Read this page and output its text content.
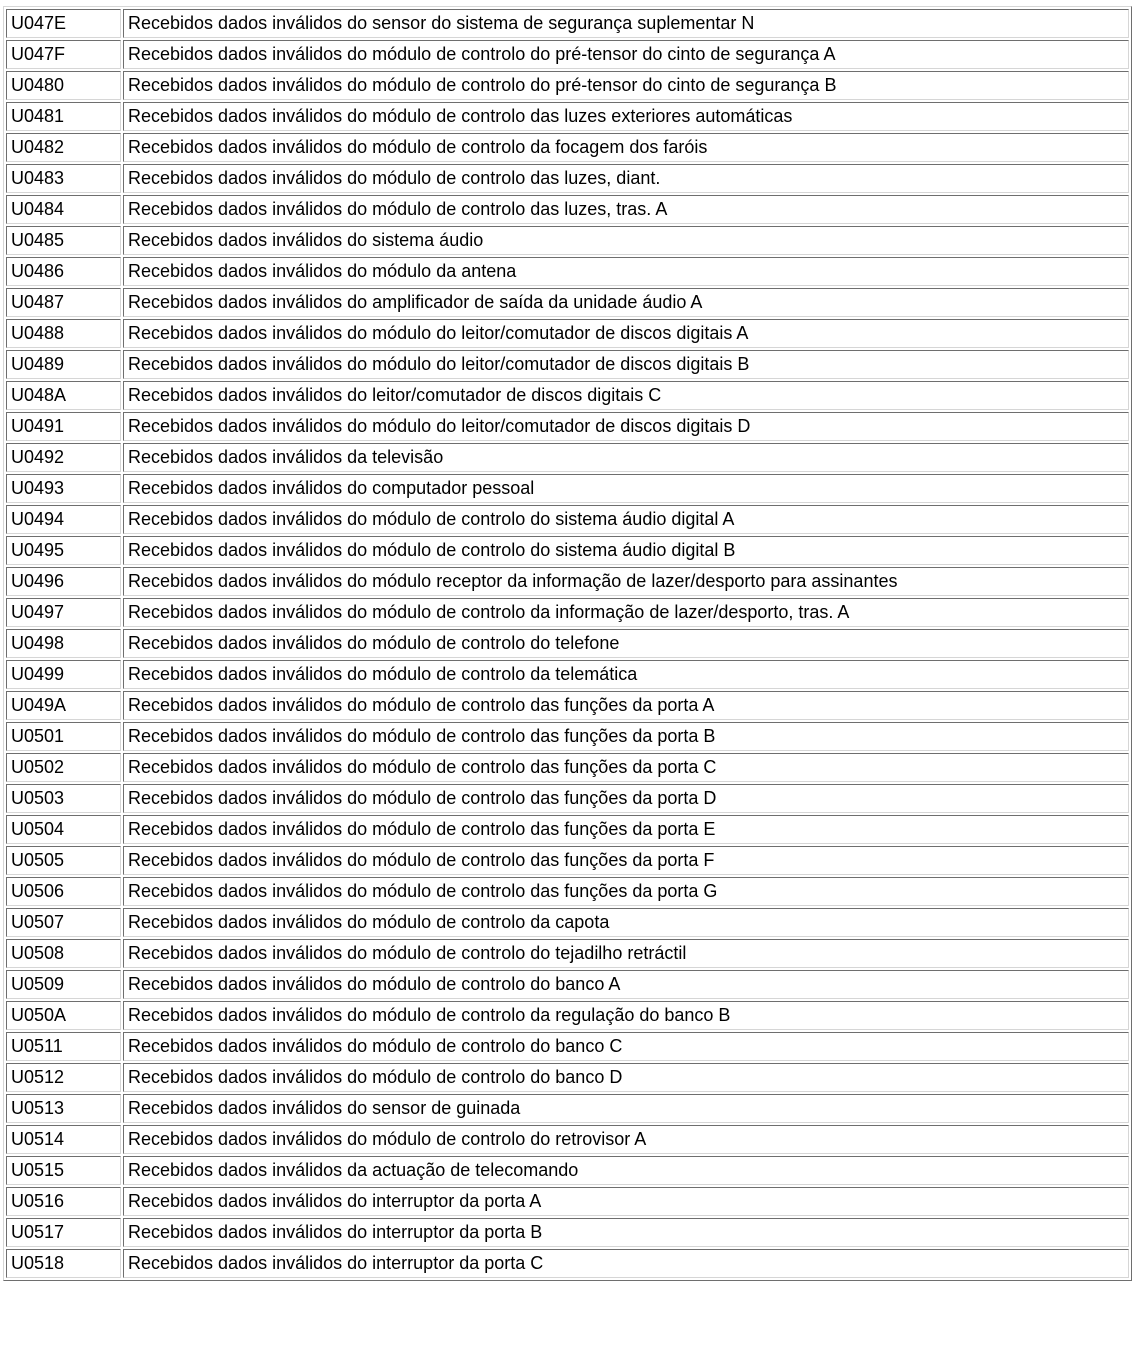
U047E	Recebidos dados inválidos do sensor do sistema de segurança suplementar N
U047F	Recebidos dados inválidos do módulo de controlo do pré-tensor do cinto de segurança A
U0480	Recebidos dados inválidos do módulo de controlo do pré-tensor do cinto de segurança B
U0481	Recebidos dados inválidos do módulo de controlo das luzes exteriores automáticas
U0482	Recebidos dados inválidos do módulo de controlo da focagem dos faróis
U0483	Recebidos dados inválidos do módulo de controlo das luzes, diant.
U0484	Recebidos dados inválidos do módulo de controlo das luzes, tras. A
U0485	Recebidos dados inválidos do sistema áudio
U0486	Recebidos dados inválidos do módulo da antena
U0487	Recebidos dados inválidos do amplificador de saída da unidade áudio A
U0488	Recebidos dados inválidos do módulo do leitor/comutador de discos digitais A
U0489	Recebidos dados inválidos do módulo do leitor/comutador de discos digitais B
U048A	Recebidos dados inválidos do leitor/comutador de discos digitais C
U0491	Recebidos dados inválidos do módulo do leitor/comutador de discos digitais D
U0492	Recebidos dados inválidos da televisão
U0493	Recebidos dados inválidos do computador pessoal
U0494	Recebidos dados inválidos do módulo de controlo do sistema áudio digital A
U0495	Recebidos dados inválidos do módulo de controlo do sistema áudio digital B
U0496	Recebidos dados inválidos do módulo receptor da informação de lazer/desporto para assinantes
U0497	Recebidos dados inválidos do módulo de controlo da informação de lazer/desporto, tras. A
U0498	Recebidos dados inválidos do módulo de controlo do telefone
U0499	Recebidos dados inválidos do módulo de controlo da telemática
U049A	Recebidos dados inválidos do módulo de controlo das funções da porta A
U0501	Recebidos dados inválidos do módulo de controlo das funções da porta B
U0502	Recebidos dados inválidos do módulo de controlo das funções da porta C
U0503	Recebidos dados inválidos do módulo de controlo das funções da porta D
U0504	Recebidos dados inválidos do módulo de controlo das funções da porta E
U0505	Recebidos dados inválidos do módulo de controlo das funções da porta F
U0506	Recebidos dados inválidos do módulo de controlo das funções da porta G
U0507	Recebidos dados inválidos do módulo de controlo da capota
U0508	Recebidos dados inválidos do módulo de controlo do tejadilho retráctil
U0509	Recebidos dados inválidos do módulo de controlo do banco A
U050A	Recebidos dados inválidos do módulo de controlo da regulação do banco B
U0511	Recebidos dados inválidos do módulo de controlo do banco C
U0512	Recebidos dados inválidos do módulo de controlo do banco D
U0513	Recebidos dados inválidos do sensor de guinada
U0514	Recebidos dados inválidos do módulo de controlo do retrovisor A
U0515	Recebidos dados inválidos da actuação de telecomando
U0516	Recebidos dados inválidos do interruptor da porta A
U0517	Recebidos dados inválidos do interruptor da porta B
U0518	Recebidos dados inválidos do interruptor da porta C
